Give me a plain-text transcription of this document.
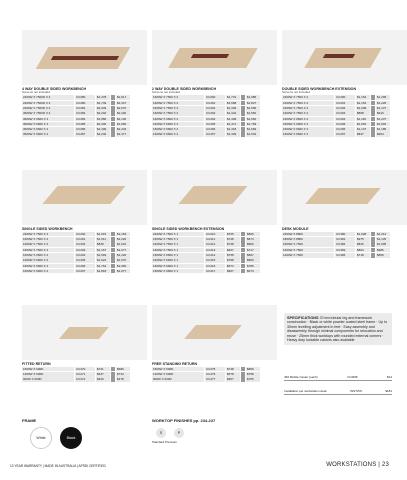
4 WAY DOUBLE SIDED WORKBENCH
Screens not included
2400W X 7500D X 4	CC280	$1,478	$2,017
2400W X 7500D X 4	CC280	$1,749	$2,347
2400W X 7500D X 4	CC281	$2,349	$2,670
3600W X 7500D X 4	CC282	$2,202	$2,320
3600W X 6600 X 4	CC283	$1,880	$2,130
3600W X 6600 X 4	CC285	$2,336	$1,960
3600W X 6600 X 4	CC286	$2,409	$2,433
3600W X 6600 X 4	CC287	$2,246	$2,477
2 WAY DOUBLE SIDED WORKBENCH
Screens not included
1600W X 7500 X 2	CC260	$1,731	$1,986
1600W X 7500 X 2	CC261	$1,568	$1,827
1600W X 7500 X 2	CC262	$1,339	$1,596
1600W X 7500 X 2	CC263	$1,344	$1,560
1600W X 6600 X 2	CC264	$1,448	$1,660
1600W X 6600 X 2	CC265	$1,471	$1,769
1600W X 6600 X 2	CC266	$1,418	$1,669
1600W X 6600 X 2	CC267	$1,339	$1,532
DOUBLE SIDED WORKBENCH EXTENSION
Screens not included
2400W X 7500 X 2	CC290	$1,154	$1,299
1600W X 7500 X 2	CC291	$1,154	$1,226
1600W X 7500 X 2	CC292	$1,038	$1,137
1600W X 7500 X 2	CC293	$868	$910
1600W X 6600 X 2	CC294	$1,118	$1,237
1600W X 6600 X 2	CC295	$1,063	$1,094
1600W X 6600 X 2	CC296	$1,137	$1,185
1600W X 6600 X 2	CC297	$847	$964
SINGLE SIDED WORKBENCH
2400W X 7500 X 2	CC200	$1,015	$1,163
1600W X 7500 X 2	CC201	$1,011	$1,220
1600W X 7500 X 2	CC202	$849	$1,024
1600W X 7500 X 2	CC203	$1,167	$1,077
1600W X 6600 X 2	CC204	$1,093	$1,226
1600W X 6600 X 2	CC205	$1,624	$1,070
1600W X 6600 X 2	CC206	$1,764	$1,060
1600W X 6600 X 2	CC207	$1,818	$1,077
SINGLE SIDED WORKBENCH EXTENSION
2400W X 7500 X 1	CC210	$765	$866
1600W X 7500 X 1	CC211	$748	$874
1600W X 7500 X 1	CC212	$738	$866
1600W X 7500 X 1	CC213	$627	$717
1600W X 6600 X 1	CC214	$758	$867
1600W X 6600 X 1	CC215	$798	$860
1600W X 6600 X 1	CC216	$673	$786
1600W X 6600 X 1	CC217	$667	$673
DESK MODULE
2400W X 8800	CC380	$1,028	$1,214
1800W X 8800	CC381	$975	$1,135
1600W X 7500	CC382	$845	$1,095
1600W X 7500	CC383	$863	$986
1200W X 7500	CC384	$718	$869
FITTED RETURN
1500W X 600D	CC270	$741	$689
1200W X 600D	CC271	$647	$734
900W X 600D	CC272	$629	$478
FREE STANDING RETURN
1500W X 600D	CC275	$748	$866
1200W X 600D	CC276	$578	$758
900W X 600D	CC277	$667	$755
SPECIFICATIONS 37mm tubular leg and framework construction · Black or white powder coated steel frame · Up to 30mm levelling adjustment in feet · Easy assembly and disassembly through minimal components for relocation and reuse · 25mm thick worktops with rounded external corners · Heavy duty lockable castors also available
460 Mobile Caster (each)	CCM08	$14
Installation per workstation desk	INSTWS	$181
FRAME
White	Black
WORKTOP FINISHES pp. 234-237
S	P
Standard Premium
10 YEAR WARRANTY | MADE IN AUSTRALIA | AFRDI CERTIFIED	WORKSTATIONS | 23
